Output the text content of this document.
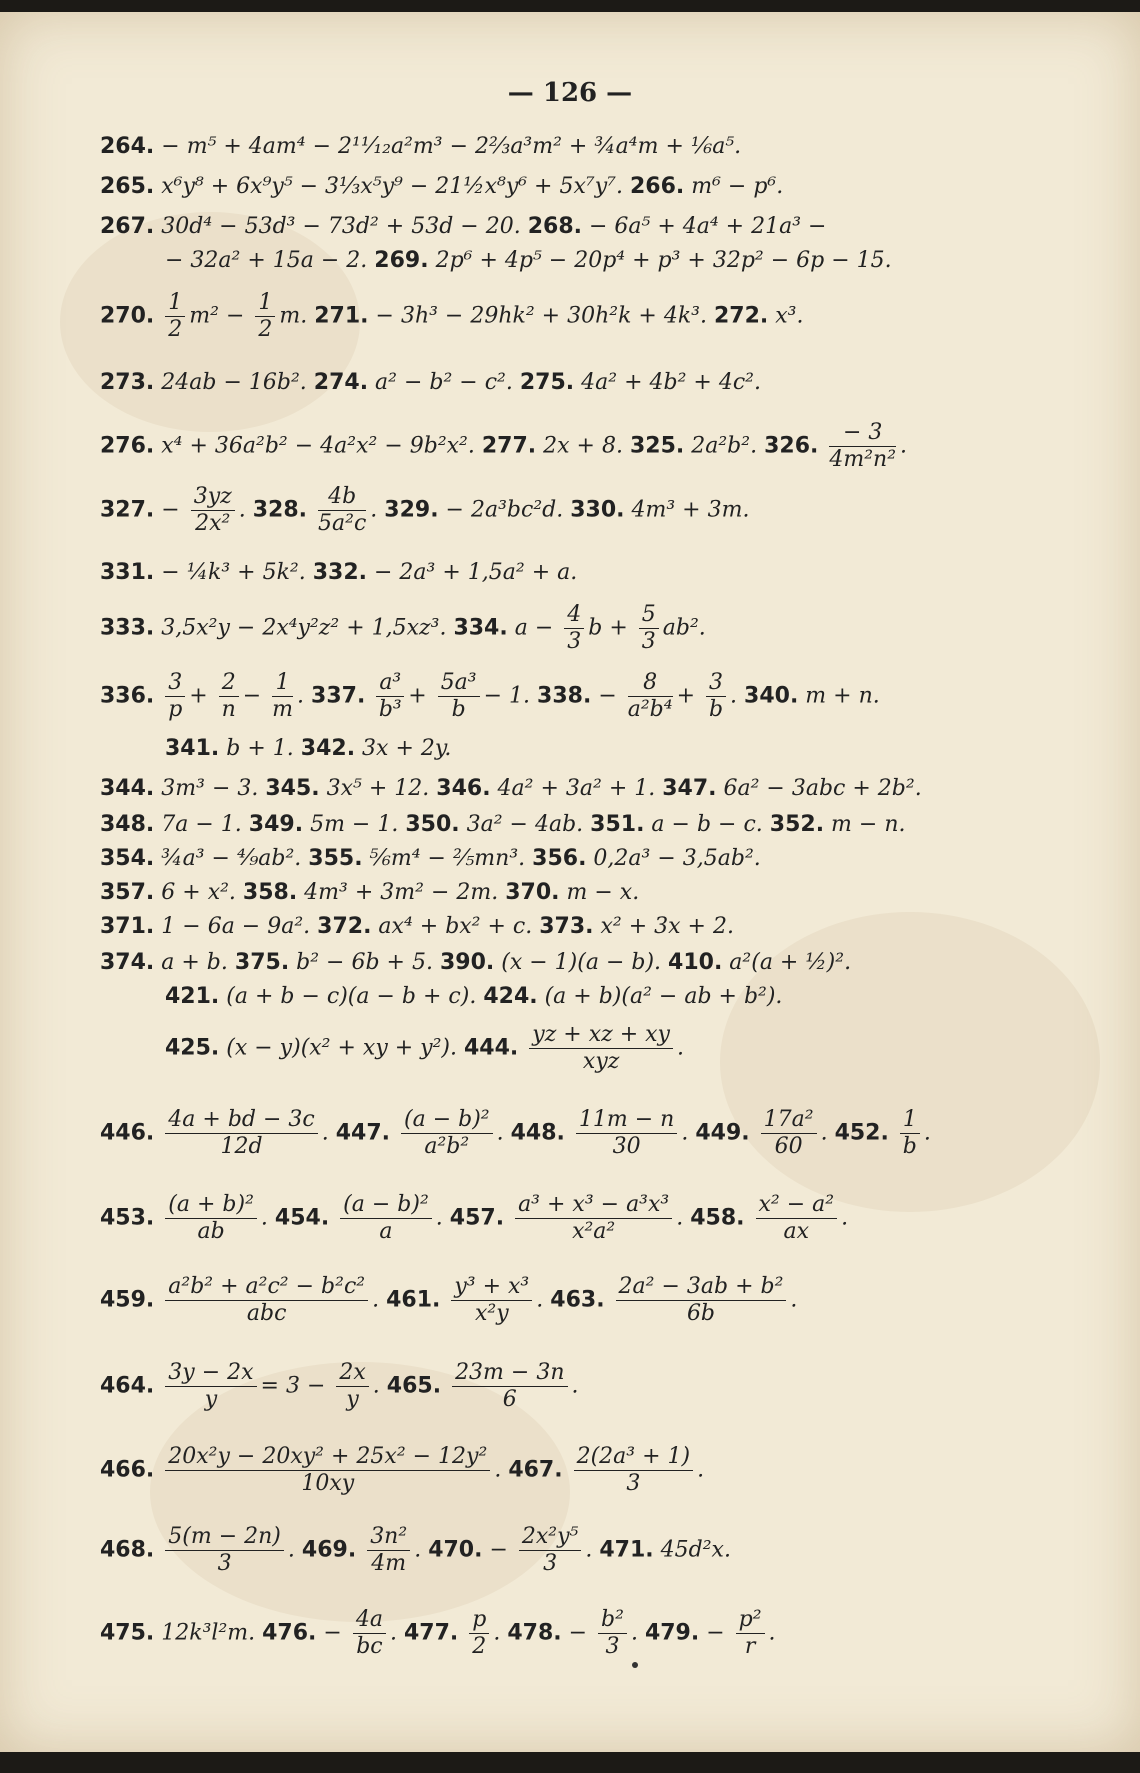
— 126 —
264. − m⁵ + 4am⁴ − 2¹¹⁄₁₂a²m³ − 2⅔a³m² + ¾a⁴m + ⅙a⁵.
265. x⁶y⁸ + 6x⁹y⁵ − 3⅓x⁵y⁹ − 21½x⁸y⁶ + 5x⁷y⁷. 266. m⁶ − p⁶.
267. 30d⁴ − 53d³ − 73d² + 53d − 20. 268. − 6a⁵ + 4a⁴ + 21a³ −
− 32a² + 15a − 2. 269. 2p⁶ + 4p⁵ − 20p⁴ + p³ + 32p² − 6p − 15.
270. $\frac{1}{2} m^2 - \frac{1}{2} m$. 271. − 3h³ − 29hk² + 30h²k + 4k³. 272. x³.
273. 24ab − 16b². 274. a² − b² − c². 275. 4a² + 4b² + 4c².
276. x⁴ + 36a²b² − 4a²x² − 9b²x². 277. 2x + 8. 325. 2a²b². 326. $\frac{- 3}{\text{4m²n²}}$ .
327. − $\frac{3yz}{\text{2x²}}$ . 328. $\frac{4b}{\text{5a²c}}$ . 329. − 2a³bc²d. 330. 4m³ + 3m.
331. − ¼k³ + 5k². 332. − 2a³ + 1,5a² + a.
333. 3,5x²y − 2x⁴y²z² + 1,5xz³. 334. $a - \frac{4}{3}$ $b + \frac{5}{3} ab^2$.
336. $\frac{3}{p} + \frac{2}{n} - \frac{1}{m}$ . 337. $\frac{\text{a³}}{\text{b³}} + \frac{\text{5a³}}{b} - 1$. 338. − $\frac{8}{\text{a²b⁴}} + \frac{3}{b}$ . 340. m + n.
341. b + 1. 342. 3x + 2y.
344. 3m³ − 3. 345. 3x⁵ + 12. 346. 4a² + 3a² + 1. 347. 6a² − 3abc + 2b².
348. 7a − 1. 349. 5m − 1. 350. 3a² − 4ab. 351. a − b − c. 352. m − n.
354. ¾a³ − ⁴⁄₉ab². 355. ⅚m⁴ − ⅖mn³. 356. 0,2a³ − 3,5ab².
357. 6 + x². 358. 4m³ + 3m² − 2m. 370. m − x.
371. 1 − 6a − 9a². 372. ax⁴ + bx² + c. 373. x² + 3x + 2.
374. a + b. 375. b² − 6b + 5. 390. (x − 1)(a − b). 410. a²(a + ½)².
421. (a + b − c)(a − b + c). 424. (a + b)(a² − ab + b²).
425. (x − y)(x² + xy + y²). 444. $\frac{yz + xz + xy}{\text{xyz}}$ .
446. $\frac{4a + bd - 3c}{12d}$ . 447. $\frac{\text{(a − b)²}}{\text{a²b²}}$ . 448. $\frac{11m - n}{30}$ . 449. $\frac{\text{17a²}}{60}$ . 452. $\frac{1}{b}$ .
453. $\frac{\text{(a + b)²}}{ab}$ . 454. $\frac{\text{(a − b)²}}{a}$ . 457. $\frac{\text{a³ + x³ − a³x³}}{\text{x²a²}}$ . 458. $\frac{\text{x² − a²}}{ax}$ .
459. $\frac{\text{a²b² + a²c² − b²c²}}{\text{abc}}$ . 461. $\frac{\text{y³ + x³}}{\text{x²y}}$ . 463. $\frac{\text{2a² − 3ab + b²}}{6b}$ .
464. $\frac{3y - 2x}{y} = 3 - \frac{2x}{y}$ . 465. $\frac{23m - 3n}{6}$ .
466. $\frac{\text{20x²y − 20xy² + 25x² − 12y²}}{10xy}$ . 467. $\frac{\text{2(2a³ + 1)}}{3}$ .
468. $\frac{5(m - 2n)}{3}$ . 469. $\frac{\text{3n²}}{4m}$ . 470. − $\frac{\text{2x²y⁵}}{3}$ . 471. 45d²x.
475. 12k³l²m. 476. − $\frac{4a}{bc}$ . 477. $\frac{p}{2}$ . 478. − $\frac{\text{b²}}{3}$ . 479. − $\frac{\text{p²}}{r}$ .
